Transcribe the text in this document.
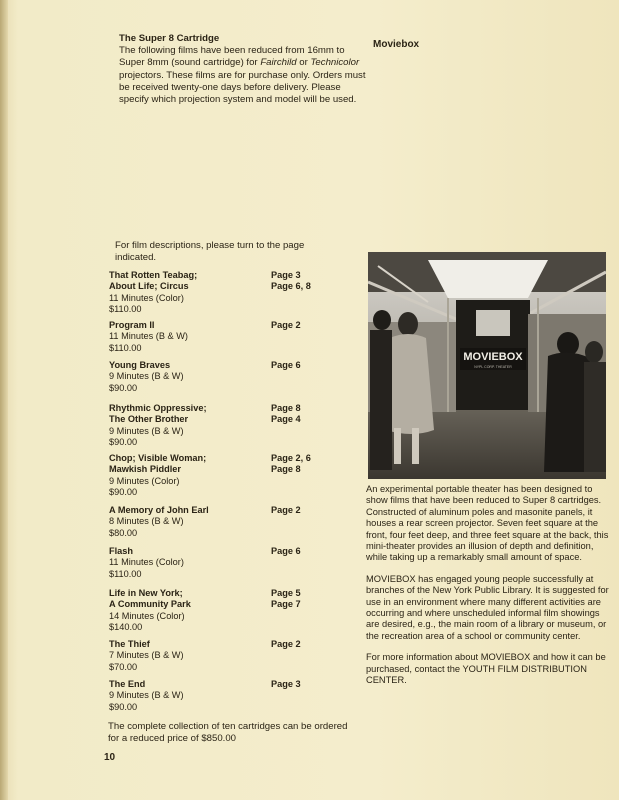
The Super 8 Cartridge
The following films have been reduced from 16mm to Super 8mm (sound cartridge) for Fairchild or Technicolor projectors. These films are for purchase only. Orders must be received twenty-one days before delivery. Please specify which projection system and model will be used.
Moviebox
For film descriptions, please turn to the page indicated.
That Rotten Teabag;
About Life; Circus
11 Minutes (Color)
$110.00
Page 3
Page 6, 8
Program II
11 Minutes (B & W)
$110.00
Page 2
Young Braves
9 Minutes (B & W)
$90.00
Page 6
Rhythmic Oppressive;
The Other Brother
9 Minutes (B & W)
$90.00
Page 8
Page 4
Chop; Visible Woman;
Mawkish Piddler
9 Minutes (Color)
$90.00
Page 2, 6
Page 8
A Memory of John Earl
8 Minutes (B & W)
$80.00
Page 2
Flash
11 Minutes (Color)
$110.00
Page 6
Life in New York;
A Community Park
14 Minutes (Color)
$140.00
Page 5
Page 7
The Thief
7 Minutes (B & W)
$70.00
Page 2
The End
9 Minutes (B & W)
$90.00
Page 3
The complete collection of ten cartridges can be ordered for a reduced price of $850.00
10
MOVIEBOX
NYPL CORP. THEATER

An experimental portable theater has been designed to show films that have been reduced to Super 8 cartridges. Constructed of aluminum poles and masonite panels, it houses a rear screen projector. Seven feet square at the front, four feet deep, and three feet square at the back, this mini-theater provides an illusion of depth and definition, while taking up a remarkably small amount of space.

MOVIEBOX has engaged young people successfully at branches of the New York Public Library. It is suggested for use in an environment where many different activities are occurring and where unscheduled informal film showings are desired, e.g., the main room of a library or museum, or the recreation area of a school or community center.

For more information about MOVIEBOX and how it can be purchased, contact the YOUTH FILM DISTRIBUTION CENTER.
